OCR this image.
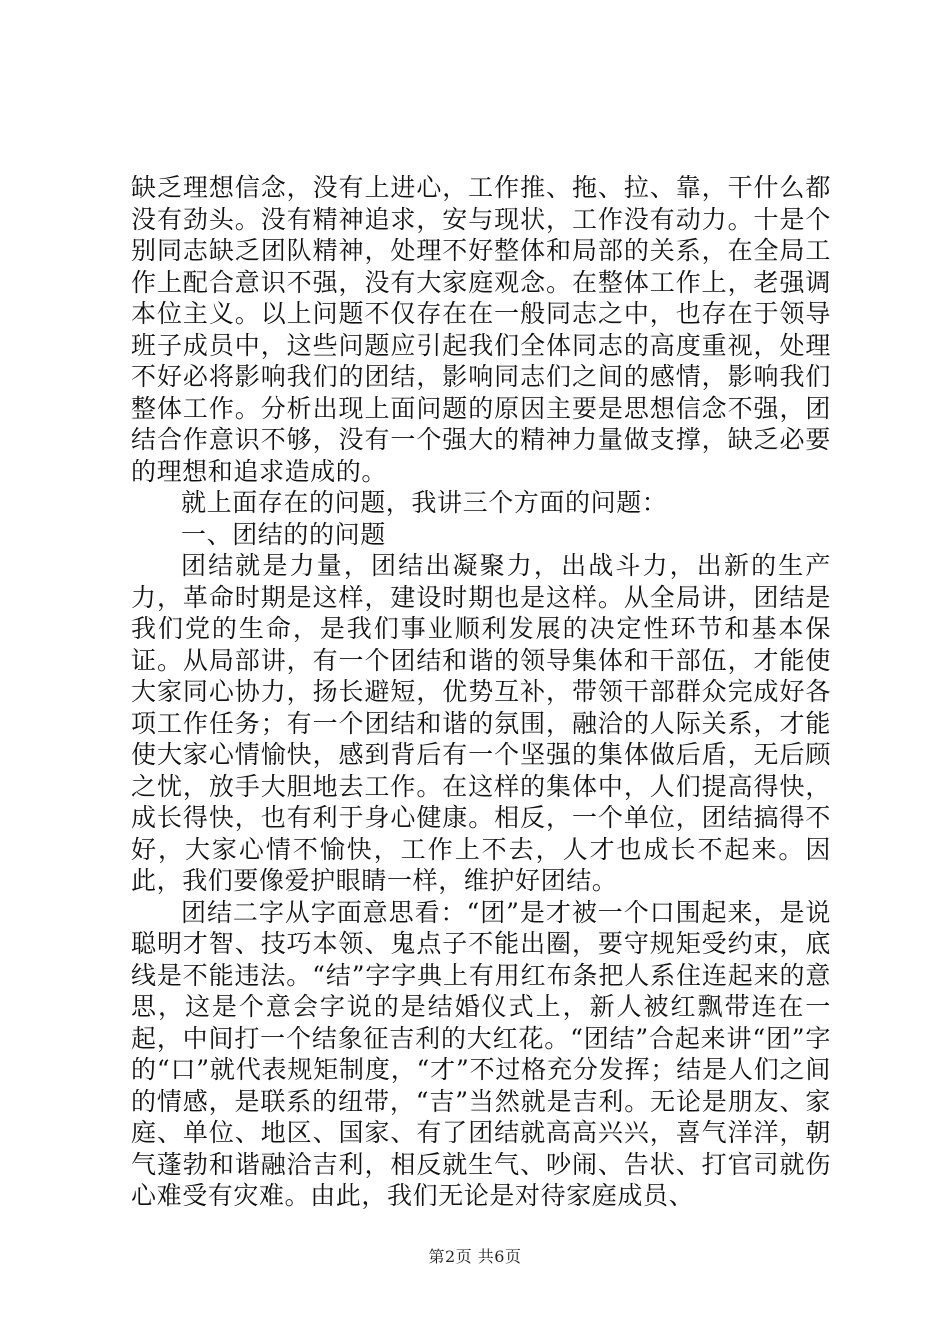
缺乏理想信念，没有上进心，工作推、拖、拉、靠，干什么都没有劲头。没有精神追求，安与现状，工作没有动力。十是个别同志缺乏团队精神，处理不好整体和局部的关系，在全局工作上配合意识不强，没有大家庭观念。在整体工作上，老强调本位主义。以上问题不仅存在在一般同志之中，也存在于领导班子成员中，这些问题应引起我们全体同志的高度重视，处理不好必将影响我们的团结，影响同志们之间的感情，影响我们整体工作。分析出现上面问题的原因主要是思想信念不强，团结合作意识不够，没有一个强大的精神力量做支撑，缺乏必要的理想和追求造成的。

就上面存在的问题，我讲三个方面的问题：

一、团结的的问题

团结就是力量，团结出凝聚力，出战斗力，出新的生产力，革命时期是这样，建设时期也是这样。从全局讲，团结是我们党的生命，是我们事业顺利发展的决定性环节和基本保证。从局部讲，有一个团结和谐的领导集体和干部伍，才能使大家同心协力，扬长避短，优势互补，带领干部群众完成好各项工作任务；有一个团结和谐的氛围，融洽的人际关系，才能使大家心情愉快，感到背后有一个坚强的集体做后盾，无后顾之忧，放手大胆地去工作。在这样的集体中，人们提高得快，成长得快，也有利于身心健康。相反，一个单位，团结搞得不好，大家心情不愉快，工作上不去，人才也成长不起来。因此，我们要像爱护眼睛一样，维护好团结。

团结二字从字面意思看：“团”是才被一个口围起来，是说聪明才智、技巧本领、鬼点子不能出圈，要守规矩受约束，底线是不能违法。“结”字字典上有用红布条把人系住连起来的意思，这是个意会字说的是结婚仪式上，新人被红飘带连在一起，中间打一个结象征吉利的大红花。“团结”合起来讲“团”字的“口”就代表规矩制度，“才”不过格充分发挥；结是人们之间的情感，是联系的纽带，“吉”当然就是吉利。无论是朋友、家庭、单位、地区、国家、有了团结就高高兴兴，喜气洋洋，朝气蓬勃和谐融洽吉利，相反就生气、吵闹、告状、打官司就伤心难受有灾难。由此，我们无论是对待家庭成员、

第2页 共6页
